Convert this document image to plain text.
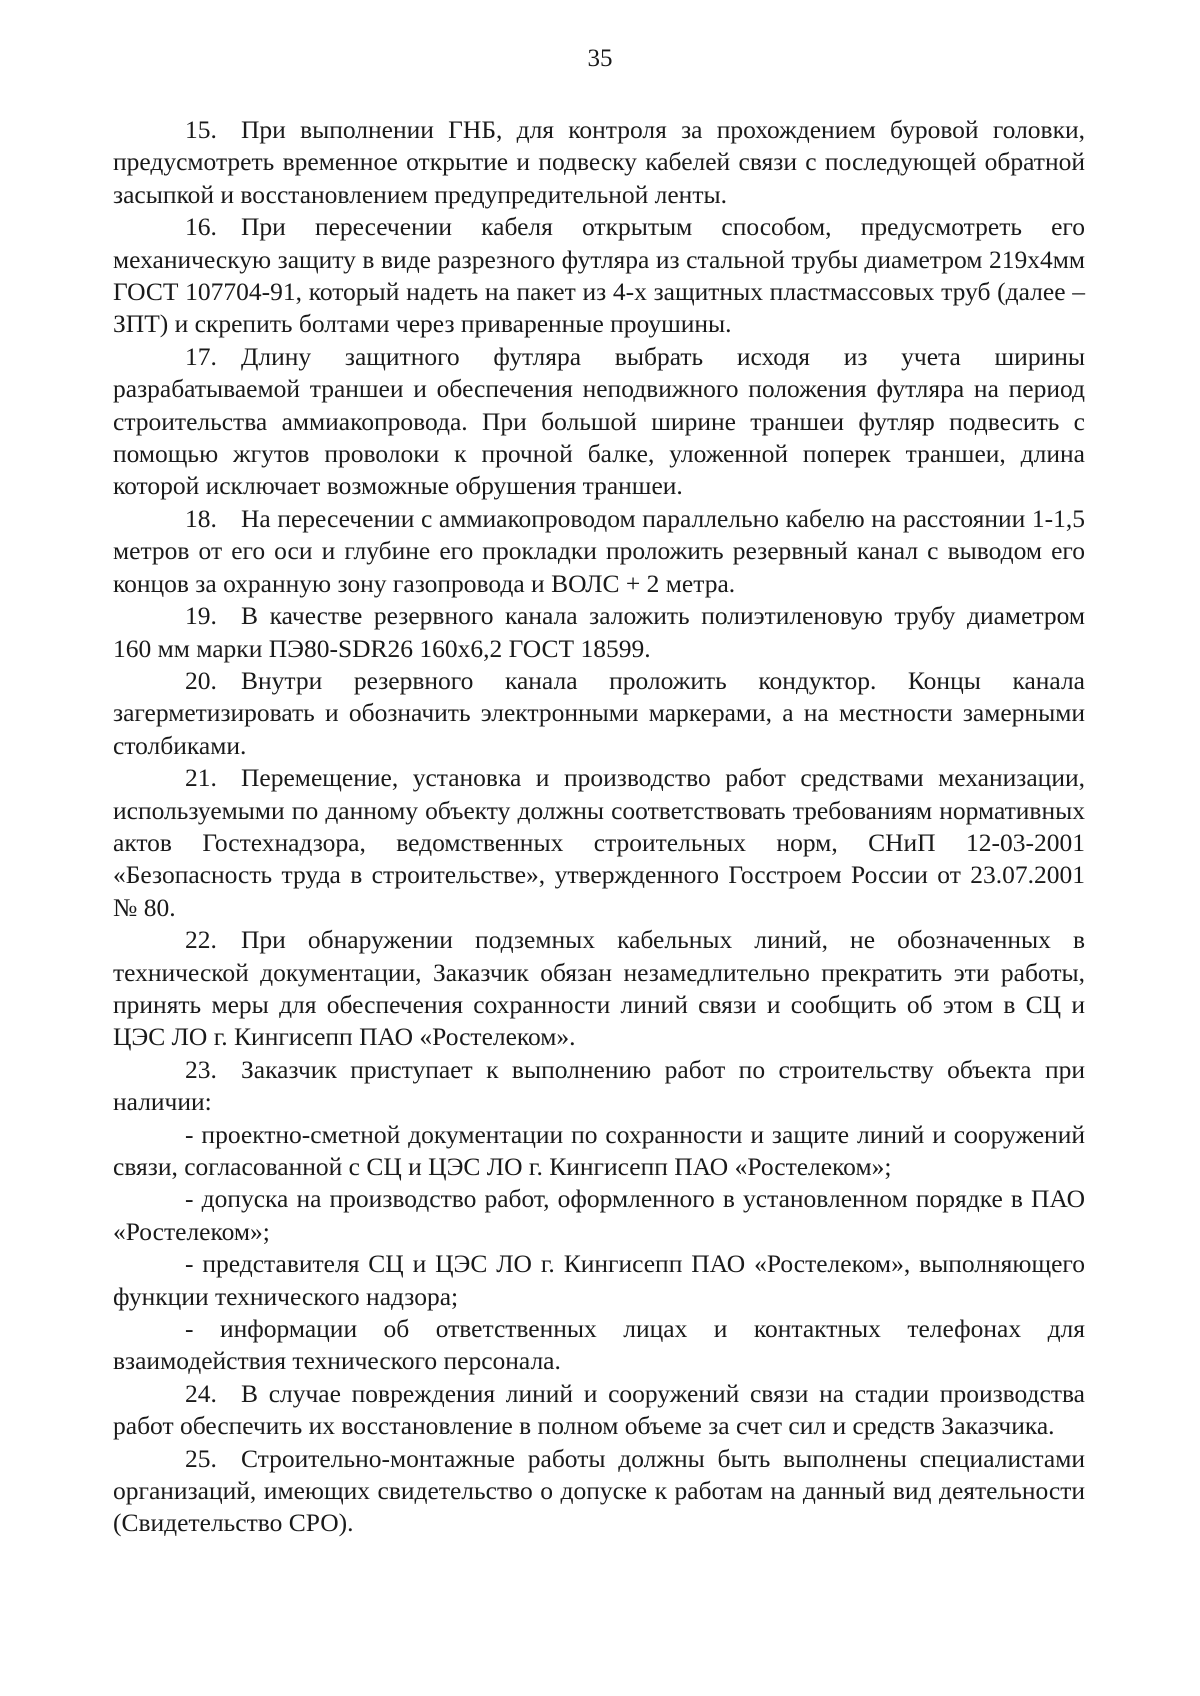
35

15. При выполнении ГНБ, для контроля за прохождением буровой головки, предусмотреть временное открытие и подвеску кабелей связи с последующей обратной засыпкой и восстановлением предупредительной ленты.

16. При пересечении кабеля открытым способом, предусмотреть его механическую защиту в виде разрезного футляра из стальной трубы диаметром 219х4мм ГОСТ 107704-91, который надеть на пакет из 4-х защитных пластмассовых труб (далее – ЗПТ) и скрепить болтами через приваренные проушины.

17. Длину защитного футляра выбрать исходя из учета ширины разрабатываемой траншеи и обеспечения неподвижного положения футляра на период строительства аммиакопровода. При большой ширине траншеи футляр подвесить с помощью жгутов проволоки к прочной балке, уложенной поперек траншеи, длина которой исключает возможные обрушения траншеи.

18. На пересечении с аммиакопроводом параллельно кабелю на расстоянии 1-1,5 метров от его оси и глубине его прокладки проложить резервный канал с выводом его концов за охранную зону газопровода и ВОЛС + 2 метра.

19. В качестве резервного канала заложить полиэтиленовую трубу диаметром 160 мм марки ПЭ80-SDR26 160х6,2 ГОСТ 18599.

20. Внутри резервного канала проложить кондуктор. Концы канала загерметизировать и обозначить электронными маркерами, а на местности замерными столбиками.

21. Перемещение, установка и производство работ средствами механизации, используемыми по данному объекту должны соответствовать требованиям нормативных актов Гостехнадзора, ведомственных строительных норм, СНиП 12-03-2001 «Безопасность труда в строительстве», утвержденного Госстроем России от 23.07.2001 № 80.

22. При обнаружении подземных кабельных линий, не обозначенных в технической документации, Заказчик обязан незамедлительно прекратить эти работы, принять меры для обеспечения сохранности линий связи и сообщить об этом в СЦ и ЦЭС ЛО г. Кингисепп ПАО «Ростелеком».

23. Заказчик приступает к выполнению работ по строительству объекта при наличии:

- проектно-сметной документации по сохранности и защите линий и сооружений связи, согласованной с СЦ и ЦЭС ЛО г. Кингисепп ПАО «Ростелеком»;

- допуска на производство работ, оформленного в установленном порядке в ПАО «Ростелеком»;

- представителя СЦ и ЦЭС ЛО г. Кингисепп ПАО «Ростелеком», выполняющего функции технического надзора;

- информации об ответственных лицах и контактных телефонах для взаимодействия технического персонала.

24. В случае повреждения линий и сооружений связи на стадии производства работ обеспечить их восстановление в полном объеме за счет сил и средств Заказчика.

25. Строительно-монтажные работы должны быть выполнены специалистами организаций, имеющих свидетельство о допуске к работам на данный вид деятельности (Свидетельство СРО).
